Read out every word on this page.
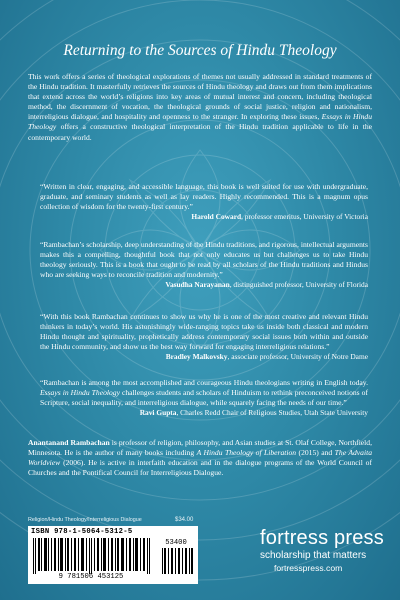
Returning to the Sources of Hindu Theology
This work offers a series of theological explorations of themes not usually addressed in standard treatments of the Hindu tradition. It masterfully retrieves the sources of Hindu theology and draws out from them implications that extend across the world’s religions into key areas of mutual interest and concern, including theological method, the discernment of vocation, the theological grounds of social justice, religion and nationalism, interreligious dialogue, and hospitality and openness to the stranger. In exploring these issues, Essays in Hindu Theology offers a constructive theological interpretation of the Hindu tradition applicable to life in the contemporary world.
“Written in clear, engaging, and accessible language, this book is well suited for use with undergraduate, graduate, and seminary students as well as lay readers. Highly recommended. This is a magnum opus collection of wisdom for the twenty-first century.”
Harold Coward, professor emeritus, University of Victoria
“Rambachan’s scholarship, deep understanding of the Hindu traditions, and rigorous, intellectual arguments makes this a compelling, thoughtful book that not only educates us but challenges us to take Hindu theology seriously. This is a book that ought to be read by all scholars of the Hindu traditions and Hindus who are seeking ways to reconcile tradition and modernity.”
Vasudha Narayanan, distinguished professor, University of Florida
“With this book Rambachan continues to show us why he is one of the most creative and relevant Hindu thinkers in today’s world. His astonishingly wide-ranging topics take us inside both classical and modern Hindu thought and spirituality, prophetically address contemporary social issues both within and outside the Hindu community, and show us the best way forward for engaging interreligious relations.”
Bradley Malkovsky, associate professor, University of Notre Dame
“Rambachan is among the most accomplished and courageous Hindu theologians writing in English today. Essays in Hindu Theology challenges students and scholars of Hinduism to rethink preconceived notions of Scripture, social inequality, and interreligious dialogue, while squarely facing the needs of our time.”
Ravi Gupta, Charles Redd Chair of Religious Studies, Utah State University
Anantanand Rambachan is professor of religion, philosophy, and Asian studies at St. Olaf College, Northfield, Minnesota. He is the author of many books including A Hindu Theology of Liberation (2015) and The Advaita Worldview (2006). He is active in interfaith education and in the dialogue programs of the World Council of Churches and the Pontifical Council for Interreligious Dialogue.
Religion/Hindu Theology/Interreligious Dialogue	$34.00
ISBN 978-1-5064-5312-5
53400
9 781506 453125
fortress press
scholarship that matters
fortresspress.com
